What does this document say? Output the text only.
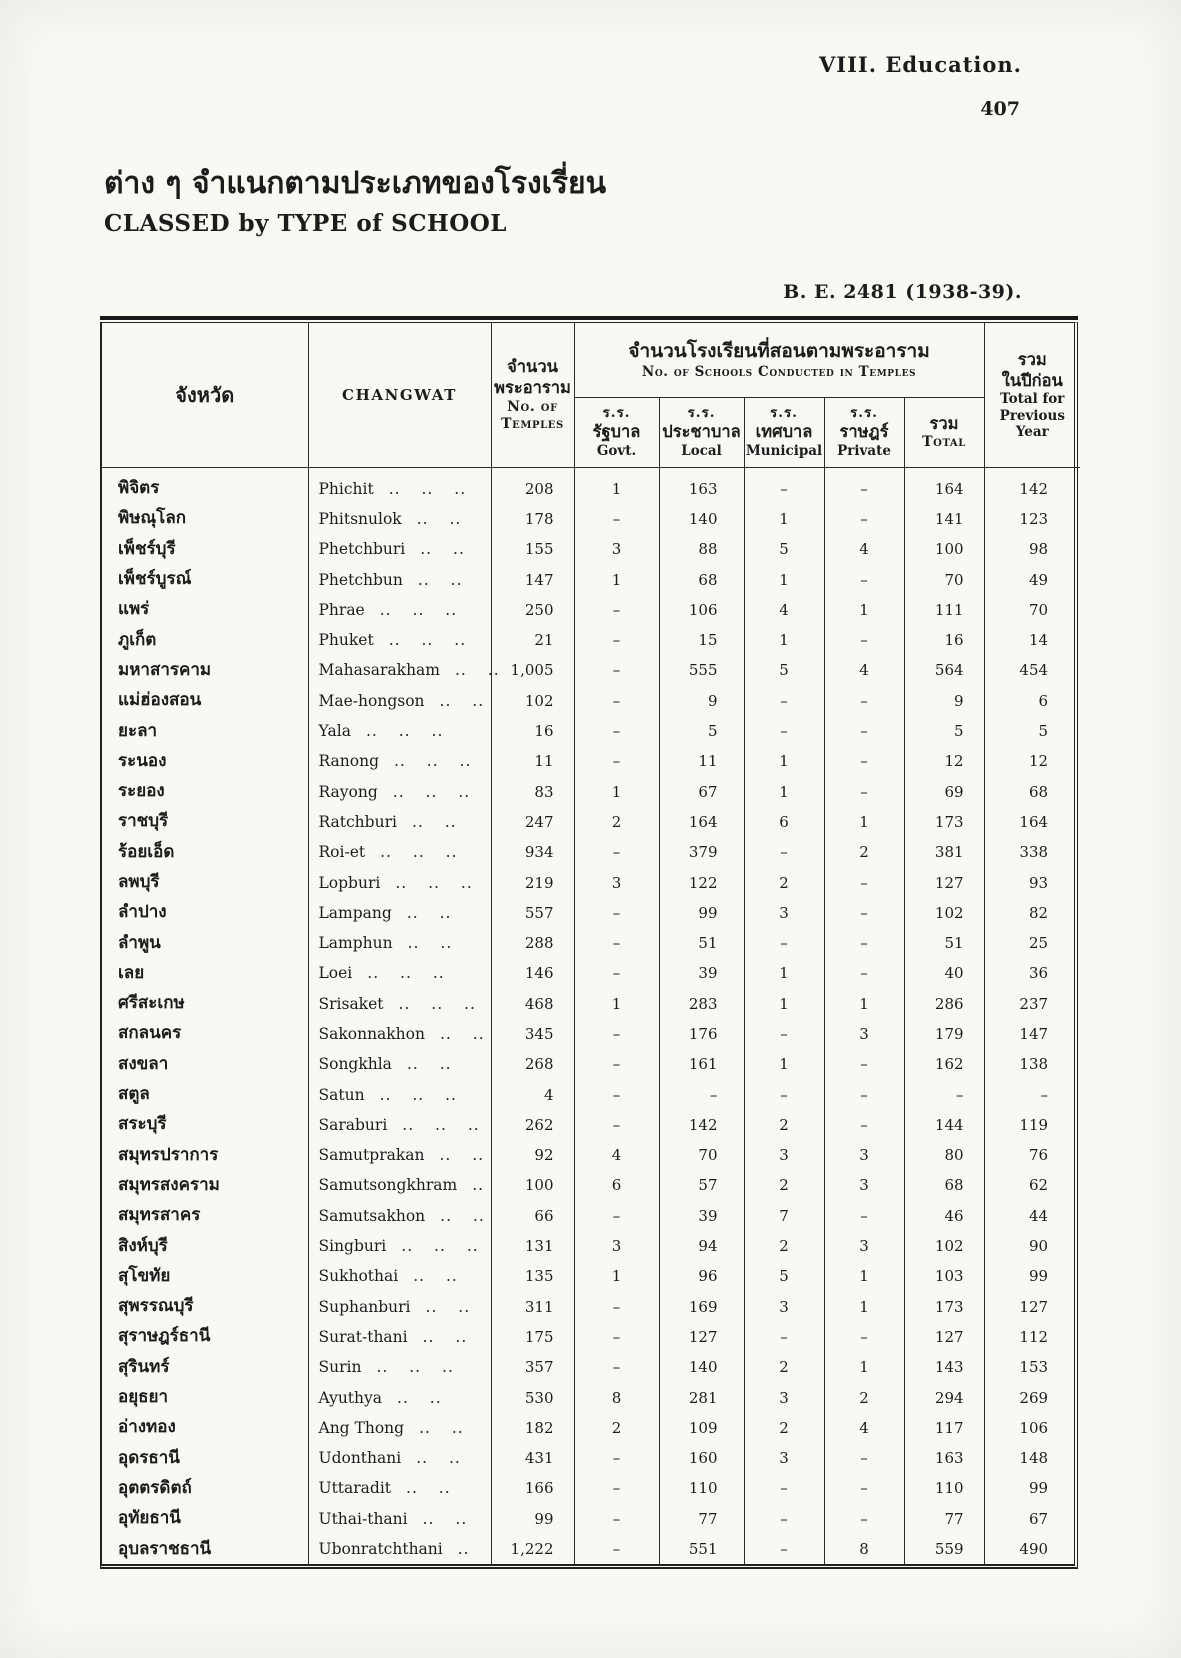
VIII. Education.
407
ต่าง ๆ จำแนกตามประเภทของโรงเรี่ยน
CLASSED by TYPE of SCHOOL
B. E. 2481 (1938-39).
จังหวัด	CHANGWAT

จำนวน
พระอาราม
No. of
Temples

จำนวนโรงเรียนที่สอนตามพระอาราม
No. of Schools Conducted in Temples

รวม
ในปีก่อน
Total for
Previous
Year

ร.ร.
รัฐบาล
Govt.

ร.ร.
ประชาบาล
Local

ร.ร.
เทศบาล
Municipal

ร.ร.
ราษฎร์
Private

รวม
Total

พิจิตร	Phichit .. .. ..	208	1	163	–	–	164	142
พิษณุโลก	Phitsnulok .. ..	178	–	140	1	–	141	123
เพ็ชร์บุรี	Phetchburi .. ..	155	3	88	5	4	100	98
เพ็ชร์บูรณ์	Phetchbun .. ..	147	1	68	1	–	70	49
แพร่	Phrae .. .. ..	250	–	106	4	1	111	70
ภูเก็ต	Phuket .. .. ..	21	–	15	1	–	16	14
มหาสารคาม	Mahasarakham .. ..	1,005	–	555	5	4	564	454
แม่ฮ่องสอน	Mae-hongson .. ..	102	–	9	–	–	9	6
ยะลา	Yala .. .. ..	16	–	5	–	–	5	5
ระนอง	Ranong .. .. ..	11	–	11	1	–	12	12
ระยอง	Rayong .. .. ..	83	1	67	1	–	69	68
ราชบุรี	Ratchburi .. ..	247	2	164	6	1	173	164
ร้อยเอ็ด	Roi-et .. .. ..	934	–	379	–	2	381	338
ลพบุรี	Lopburi .. .. ..	219	3	122	2	–	127	93
ลำปาง	Lampang .. ..	557	–	99	3	–	102	82
ลำพูน	Lamphun .. ..	288	–	51	–	–	51	25
เลย	Loei .. .. ..	146	–	39	1	–	40	36
ศรีสะเกษ	Srisaket .. .. ..	468	1	283	1	1	286	237
สกลนคร	Sakonnakhon .. ..	345	–	176	–	3	179	147
สงขลา	Songkhla .. ..	268	–	161	1	–	162	138
สตูล	Satun .. .. ..	4	–	–	–	–	–	–
สระบุรี	Saraburi .. .. ..	262	–	142	2	–	144	119
สมุทรปราการ	Samutprakan .. ..	92	4	70	3	3	80	76
สมุทรสงคราม	Samutsongkhram ..	100	6	57	2	3	68	62
สมุทรสาคร	Samutsakhon .. ..	66	–	39	7	–	46	44
สิงห์บุรี	Singburi .. .. ..	131	3	94	2	3	102	90
สุโขทัย	Sukhothai .. ..	135	1	96	5	1	103	99
สุพรรณบุรี	Suphanburi .. ..	311	–	169	3	1	173	127
สุราษฎร์ธานี	Surat-thani .. ..	175	–	127	–	–	127	112
สุรินทร์	Surin .. .. ..	357	–	140	2	1	143	153
อยุธยา	Ayuthya .. ..	530	8	281	3	2	294	269
อ่างทอง	Ang Thong .. ..	182	2	109	2	4	117	106
อุดรธานี	Udonthani .. ..	431	–	160	3	–	163	148
อุตตรดิตถ์	Uttaradit .. ..	166	–	110	–	–	110	99
อุทัยธานี	Uthai-thani .. ..	99	–	77	–	–	77	67
อุบลราชธานี	Ubonratchthani ..	1,222	–	551	–	8	559	490
